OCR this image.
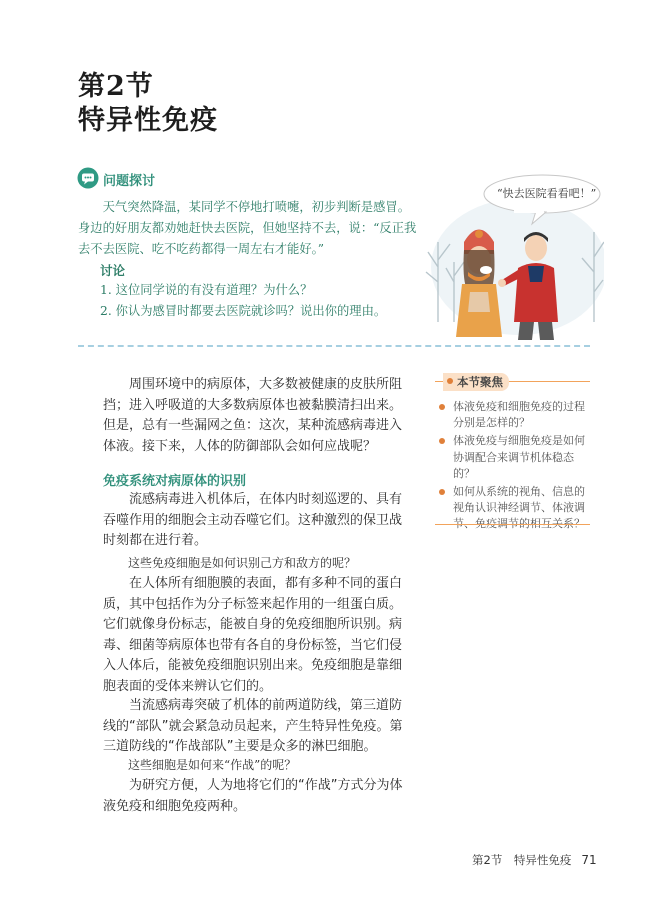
第2节
特异性免疫
问题探讨

天气突然降温，某同学不停地打喷嚏，初步判断是感冒。身边的好朋友都劝她赶快去医院，但她坚持不去，说：“反正我去不去医院、吃不吃药都得一周左右才能好。”

讨论
1. 这位同学说的有没有道理？为什么？
2. 你认为感冒时都要去医院就诊吗？说出你的理由。
“快去医院看看吧！”

周围环境中的病原体，大多数被健康的皮肤所阻挡；进入呼吸道的大多数病原体也被黏膜清扫出来。但是，总有一些漏网之鱼：这次，某种流感病毒进入体液。接下来，人体的防御部队会如何应战呢？

免疫系统对病原体的识别

流感病毒进入机体后，在体内时刻巡逻的、具有吞噬作用的细胞会主动吞噬它们。这种激烈的保卫战时刻都在进行着。

这些免疫细胞是如何识别己方和敌方的呢？

在人体所有细胞膜的表面，都有多种不同的蛋白质，其中包括作为分子标签来起作用的一组蛋白质。它们就像身份标志，能被自身的免疫细胞所识别。病毒、细菌等病原体也带有各自的身份标签，当它们侵入人体后，能被免疫细胞识别出来。免疫细胞是靠细胞表面的受体来辨认它们的。

当流感病毒突破了机体的前两道防线，第三道防线的“部队”就会紧急动员起来，产生特异性免疫。第三道防线的“作战部队”主要是众多的淋巴细胞。

这些细胞是如何来“作战”的呢？

为研究方便，人为地将它们的“作战”方式分为体液免疫和细胞免疫两种。

本节聚焦
体液免疫和细胞免疫的过程分别是怎样的？
体液免疫与细胞免疫是如何协调配合来调节机体稳态的？
如何从系统的视角、信息的视角认识神经调节、体液调节、免疫调节的相互关系？
第2节　特异性免疫 71
